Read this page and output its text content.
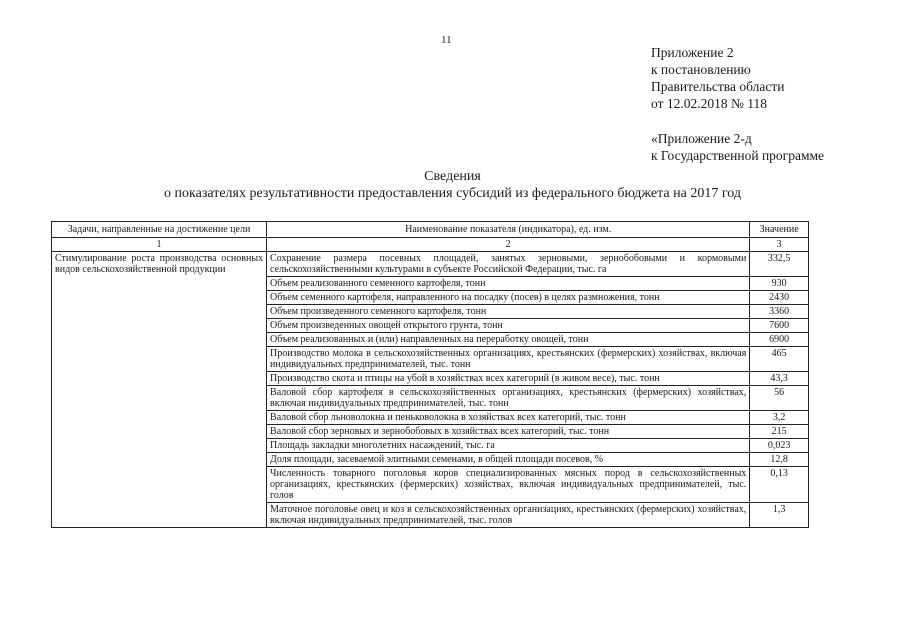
11
Приложение 2
к постановлению
Правительства области
от 12.02.2018 № 118
«Приложение 2-д
к Государственной программе
Сведения
о показателях результативности предоставления субсидий из федерального бюджета на 2017 год
Задачи, направленные на достижение цели	Наименование показателя (индикатора), ед. изм.	Значение
1	2	3
Стимулирование роста производства основных видов сельскохозяйственной продукции	Сохранение размера посевных площадей, занятых зерновыми, зернобобовыми и кормовыми сельскохозяйственными культурами в субъекте Российской Федерации, тыс. га	332,5
	Объем реализованного семенного картофеля, тонн	930
	Объем семенного картофеля, направленного на посадку (посев) в целях размножения, тонн	2430
	Объем произведенного семенного картофеля, тонн	3360
	Объем произведенных овощей открытого грунта, тонн	7600
	Объем реализованных и (или) направленных на переработку овощей, тонн	6900
	Производство молока в сельскохозяйственных организациях, крестьянских (фермерских) хозяйствах, включая индивидуальных предпринимателей, тыс. тонн	465
	Производство скота и птицы на убой в хозяйствах всех категорий (в живом весе), тыс. тонн	43,3
	Валовой сбор картофеля в сельскохозяйственных организациях, крестьянских (фермерских) хозяйствах, включая индивидуальных предпринимателей, тыс. тонн	56
	Валовой сбор льноволокна и пеньковолокна в хозяйствах всех категорий, тыс. тонн	3,2
	Валовой сбор зерновых и зернобобовых в хозяйствах всех категорий, тыс. тонн	215
	Площадь закладки многолетних насаждений, тыс. га	0,023
	Доля площади, засеваемой элитными семенами, в общей площади посевов, %	12,8
	Численность товарного поголовья коров специализированных мясных пород в сельскохозяйственных организациях, крестьянских (фермерских) хозяйствах, включая индивидуальных предпринимателей, тыс. голов	0,13
	Маточное поголовье овец и коз в сельскохозяйственных организациях, крестьянских (фермерских) хозяйствах, включая индивидуальных предпринимателей, тыс. голов	1,3
